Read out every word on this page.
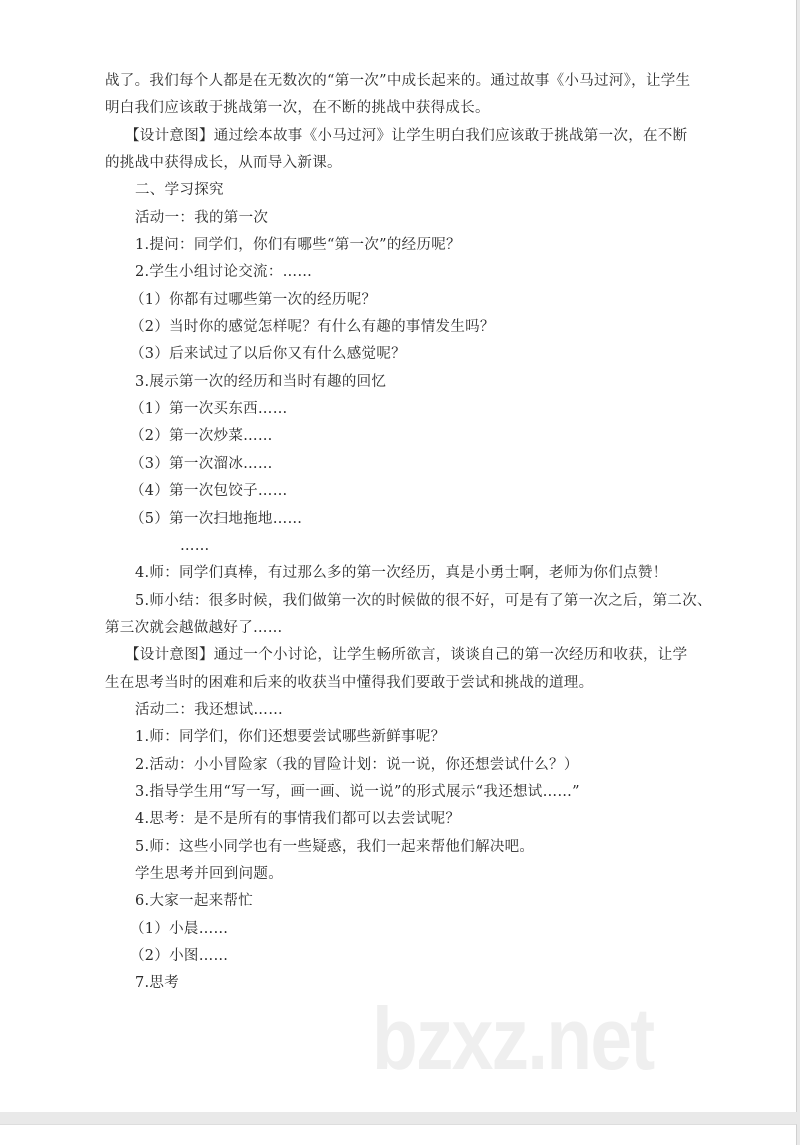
战了。我们每个人都是在无数次的“第一次”中成长起来的。通过故事《小马过河》，让学生

明白我们应该敢于挑战第一次，在不断的挑战中获得成长。

【设计意图】通过绘本故事《小马过河》让学生明白我们应该敢于挑战第一次，在不断

的挑战中获得成长，从而导入新课。

二、学习探究

活动一：我的第一次

1.提问：同学们，你们有哪些“第一次”的经历呢？

2.学生小组讨论交流：……

（1）你都有过哪些第一次的经历呢？

（2）当时你的感觉怎样呢？有什么有趣的事情发生吗？

（3）后来试过了以后你又有什么感觉呢？

3.展示第一次的经历和当时有趣的回忆

（1）第一次买东西……

（2）第一次炒菜……

（3）第一次溜冰……

（4）第一次包饺子……

（5）第一次扫地拖地……

……

4.师：同学们真棒，有过那么多的第一次经历，真是小勇士啊，老师为你们点赞！

5.师小结：很多时候，我们做第一次的时候做的很不好，可是有了第一次之后，第二次、

第三次就会越做越好了……

【设计意图】通过一个小讨论，让学生畅所欲言，谈谈自己的第一次经历和收获，让学

生在思考当时的困难和后来的收获当中懂得我们要敢于尝试和挑战的道理。

活动二：我还想试……

1.师：同学们，你们还想要尝试哪些新鲜事呢？

2.活动：小小冒险家（我的冒险计划：说一说，你还想尝试什么？）

3.指导学生用“写一写，画一画、说一说”的形式展示“我还想试……”

4.思考：是不是所有的事情我们都可以去尝试呢？

5.师：这些小同学也有一些疑惑，我们一起来帮他们解决吧。

学生思考并回到问题。

6.大家一起来帮忙

（1）小晨……

（2）小图……

7.思考

bzxz.net
